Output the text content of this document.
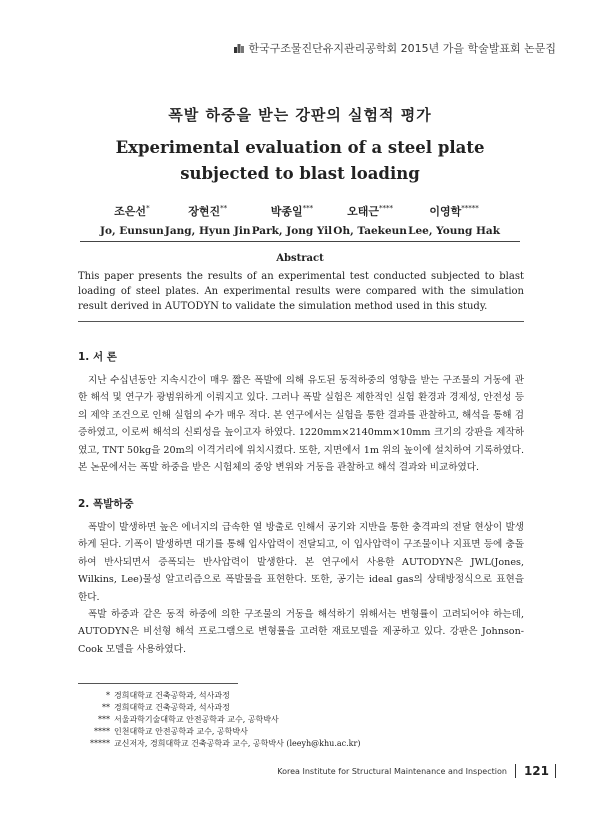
한국구조물진단유지관리공학회 2015년 가을 학술발표회 논문집
폭발 하중을 받는 강판의 실험적 평가
Experimental evaluation of a steel plate subjected to blast loading
조은선*
Jo, Eunsun
장현진**
Jang, Hyun Jin
박종일***
Park, Jong Yil
오태근****
Oh, Taekeun
이영학*****
Lee, Young Hak
Abstract
This paper presents the results of an experimental test conducted subjected to blast loading of steel plates. An experimental results were compared with the simulation result derived in AUTODYN to validate the simulation method used in this study.
1. 서 론

지난 수십년동안 지속시간이 매우 짧은 폭발에 의해 유도된 동적하중의 영향을 받는 구조물의 거동에 관한 해석 및 연구가 광범위하게 이뤄지고 있다. 그러나 폭발 실험은 제한적인 실험 환경과 경제성, 안전성 등의 제약 조건으로 인해 실험의 수가 매우 적다. 본 연구에서는 실험을 통한 결과를 관찰하고, 해석을 통해 검증하였고, 이로써 해석의 신뢰성을 높이고자 하였다. 1220mm×2140mm×10mm 크기의 강판을 제작하였고, TNT 50kg을 20m의 이격거리에 위치시켰다. 또한, 지면에서 1m 위의 높이에 설치하여 기록하였다. 본 논문에서는 폭발 하중을 받은 시험체의 중앙 변위와 거동을 관찰하고 해석 결과와 비교하였다.

2. 폭발하중

폭발이 발생하면 높은 에너지의 급속한 열 방출로 인해서 공기와 지반을 통한 충격파의 전달 현상이 발생하게 된다. 기폭이 발생하면 대기를 통해 입사압력이 전달되고, 이 입사압력이 구조물이나 지표면 등에 충돌하여 반사되면서 증폭되는 반사압력이 발생한다. 본 연구에서 사용한 AUTODYN은 JWL(Jones, Wilkins, Lee)물성 알고리즘으로 폭발물을 표현한다. 또한, 공기는 ideal gas의 상태방정식으로 표현을 한다.

폭발 하중과 같은 동적 하중에 의한 구조물의 거동을 해석하기 위해서는 변형률이 고려되어야 하는데, AUTODYN은 비선형 해석 프로그램으로 변형률을 고려한 재료모델을 제공하고 있다. 강판은 Johnson-Cook 모델을 사용하였다.

* 경희대학교 건축공학과, 석사과정
** 경희대학교 건축공학과, 석사과정
*** 서울과학기술대학교 안전공학과 교수, 공학박사
**** 인천대학교 안전공학과 교수, 공학박사
***** 교신저자, 경희대학교 건축공학과 교수, 공학박사 (leeyh@khu.ac.kr)
Korea Institute for Structural Maintenance and Inspection	121
